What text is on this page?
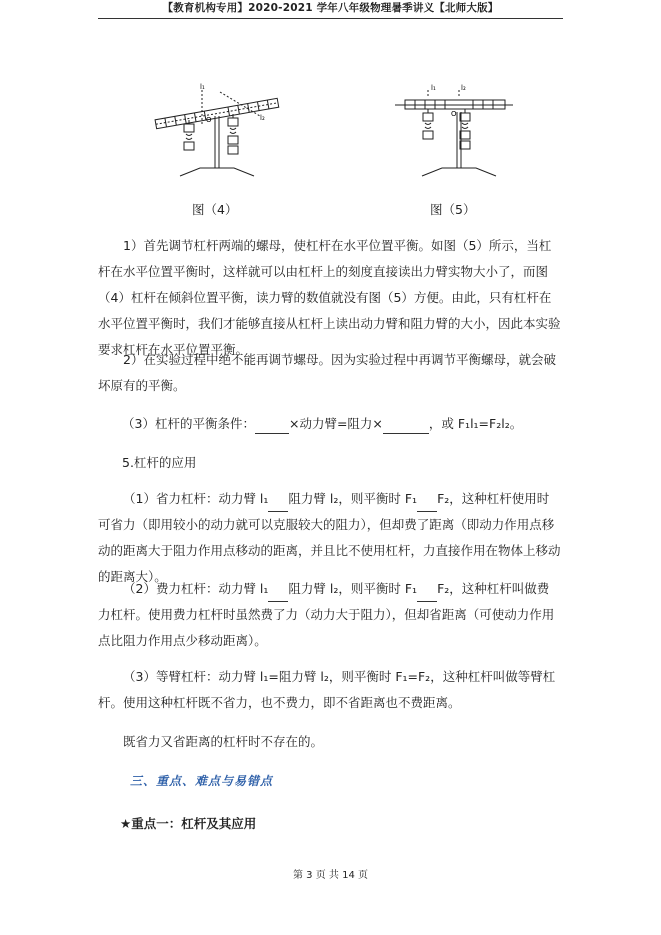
【教育机构专用】2020-2021 学年八年级物理暑季讲义【北师大版】
l₁
O	l₂
图（4）
l₁
O
l₂
图（5）
1）首先调节杠杆两端的螺母，使杠杆在水平位置平衡。如图（5）所示，当杠杆在水平位置平衡时，这样就可以由杠杆上的刻度直接读出力臂实物大小了，而图（4）杠杆在倾斜位置平衡，读力臂的数值就没有图（5）方便。由此，只有杠杆在水平位置平衡时，我们才能够直接从杠杆上读出动力臂和阻力臂的大小，因此本实验要求杠杆在水平位置平衡。
2）在实验过程中绝不能再调节螺母。因为实验过程中再调节平衡螺母，就会破坏原有的平衡。
（3）杠杆的平衡条件：	×动力臂=阻力×	，或 F₁l₁=F₂l₂。
5.杠杆的应用
（1）省力杠杆：动力臂 l₁ 阻力臂 l₂，则平衡时 F₁ F₂，这种杠杆使用时可省力（即用较小的动力就可以克服较大的阻力），但却费了距离（即动力作用点移动的距离大于阻力作用点移动的距离，并且比不使用杠杆，力直接作用在物体上移动的距离大）。
（2）费力杠杆：动力臂 l₁ 阻力臂 l₂，则平衡时 F₁ F₂，这种杠杆叫做费力杠杆。使用费力杠杆时虽然费了力（动力大于阻力），但却省距离（可使动力作用点比阻力作用点少移动距离）。
（3）等臂杠杆：动力臂 l₁=阻力臂 l₂，则平衡时 F₁=F₂，这种杠杆叫做等臂杠杆。使用这种杠杆既不省力，也不费力，即不省距离也不费距离。
既省力又省距离的杠杆时不存在的。
三、重点、难点与易错点
★重点一：杠杆及其应用
第 3 页 共 14 页
